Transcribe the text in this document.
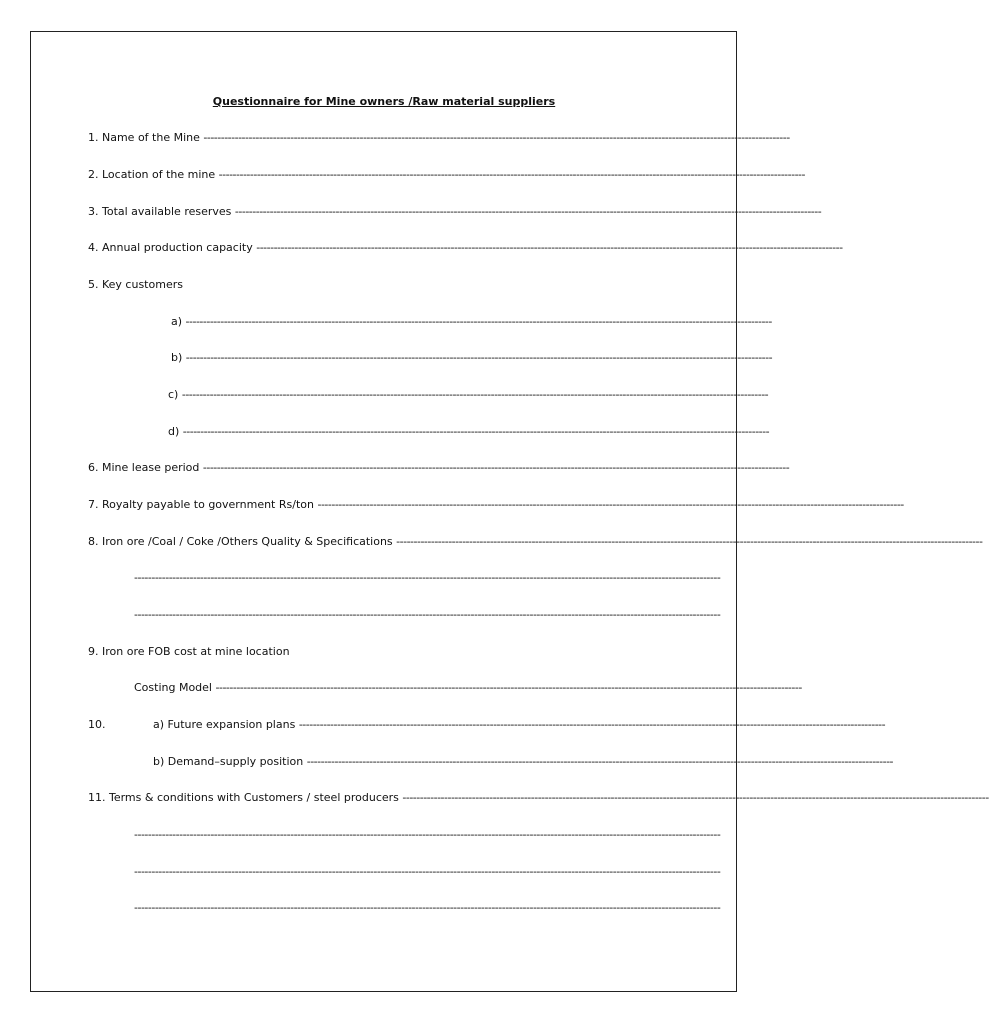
Questionnaire for Mine owners /Raw material suppliers
1. Name of the Mine -------------------------------------------------------------------------------------------------------------------------------------------------------------------------
2. Location of the mine -------------------------------------------------------------------------------------------------------------------------------------------------------------------------
3. Total available reserves -------------------------------------------------------------------------------------------------------------------------------------------------------------------------
4. Annual production capacity -------------------------------------------------------------------------------------------------------------------------------------------------------------------------
5. Key customers
a) -------------------------------------------------------------------------------------------------------------------------------------------------------------------------
b) -------------------------------------------------------------------------------------------------------------------------------------------------------------------------
c) -------------------------------------------------------------------------------------------------------------------------------------------------------------------------
d) -------------------------------------------------------------------------------------------------------------------------------------------------------------------------
6. Mine lease period -------------------------------------------------------------------------------------------------------------------------------------------------------------------------
7. Royalty payable to government Rs/ton -------------------------------------------------------------------------------------------------------------------------------------------------------------------------
8. Iron ore /Coal / Coke /Others Quality & Specifications -------------------------------------------------------------------------------------------------------------------------------------------------------------------------
-------------------------------------------------------------------------------------------------------------------------------------------------------------------------
-------------------------------------------------------------------------------------------------------------------------------------------------------------------------
9. Iron ore FOB cost at mine location
Costing Model -------------------------------------------------------------------------------------------------------------------------------------------------------------------------
10.	a) Future expansion plans -------------------------------------------------------------------------------------------------------------------------------------------------------------------------
b) Demand–supply position -------------------------------------------------------------------------------------------------------------------------------------------------------------------------
11. Terms & conditions with Customers / steel producers -------------------------------------------------------------------------------------------------------------------------------------------------------------------------
-------------------------------------------------------------------------------------------------------------------------------------------------------------------------
-------------------------------------------------------------------------------------------------------------------------------------------------------------------------
-------------------------------------------------------------------------------------------------------------------------------------------------------------------------
